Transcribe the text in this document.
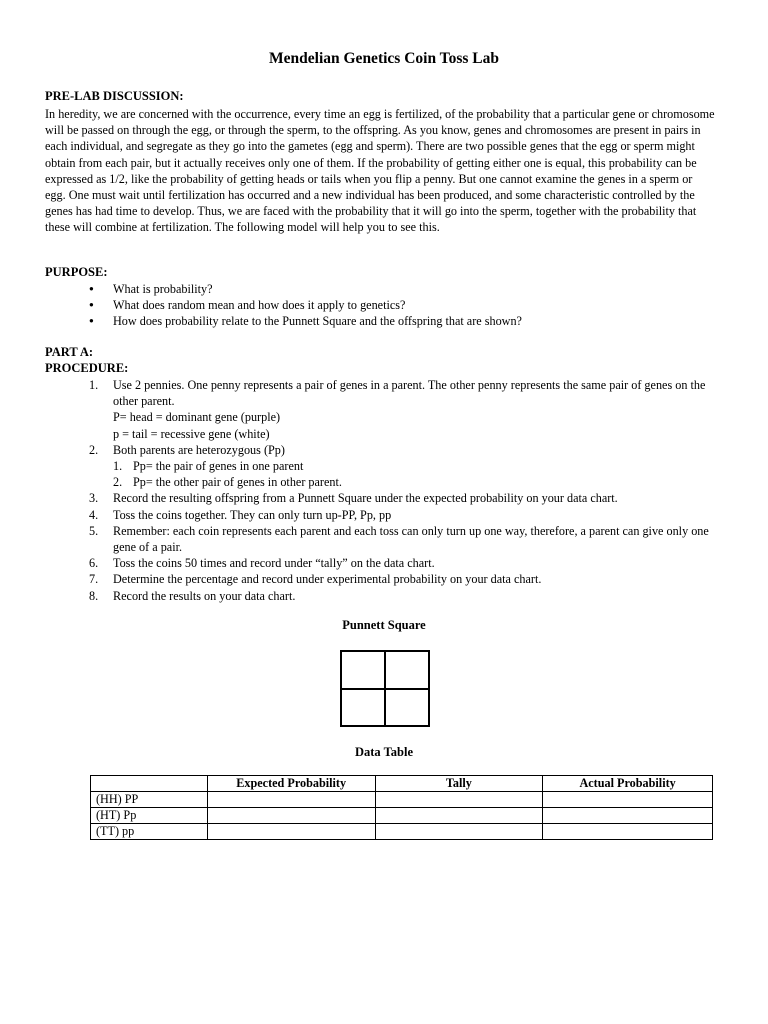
Mendelian Genetics Coin Toss Lab
PRE-LAB DISCUSSION:
In heredity, we are concerned with the occurrence, every time an egg is fertilized, of the probability that a particular gene or chromosome will be passed on through the egg, or through the sperm, to the offspring. As you know, genes and chromosomes are present in pairs in each individual, and segregate as they go into the gametes (egg and sperm). There are two possible genes that the egg or sperm might obtain from each pair, but it actually receives only one of them. If the probability of getting either one is equal, this probability can be expressed as 1/2, like the probability of getting heads or tails when you flip a penny. But one cannot examine the genes in a sperm or egg. One must wait until fertilization has occurred and a new individual has been produced, and some characteristic controlled by the genes has had time to develop. Thus, we are faced with the probability that it will go into the sperm, together with the probability that these will combine at fertilization. The following model will help you to see this.
PURPOSE:
● What is probability?
● What does random mean and how does it apply to genetics?
● How does probability relate to the Punnett Square and the offspring that are shown?
PART A:
PROCEDURE:
1. Use 2 pennies. One penny represents a pair of genes in a parent. The other penny represents the same pair of genes on the other parent.
P= head = dominant gene (purple)
p = tail = recessive gene (white)
2. Both parents are heterozygous (Pp)
1. Pp= the pair of genes in one parent
2. Pp= the other pair of genes in other parent.
3. Record the resulting offspring from a Punnett Square under the expected probability on your data chart.
4. Toss the coins together. They can only turn up-PP, Pp, pp
5. Remember: each coin represents each parent and each toss can only turn up one way, therefore, a parent can give only one gene of a pair.
6. Toss the coins 50 times and record under “tally” on the data chart.
7. Determine the percentage and record under experimental probability on your data chart.
8. Record the results on your data chart.
Punnett Square
Data Table
	Expected Probability	Tally	Actual Probability
(HH) PP			
(HT) Pp			
(TT) pp			
